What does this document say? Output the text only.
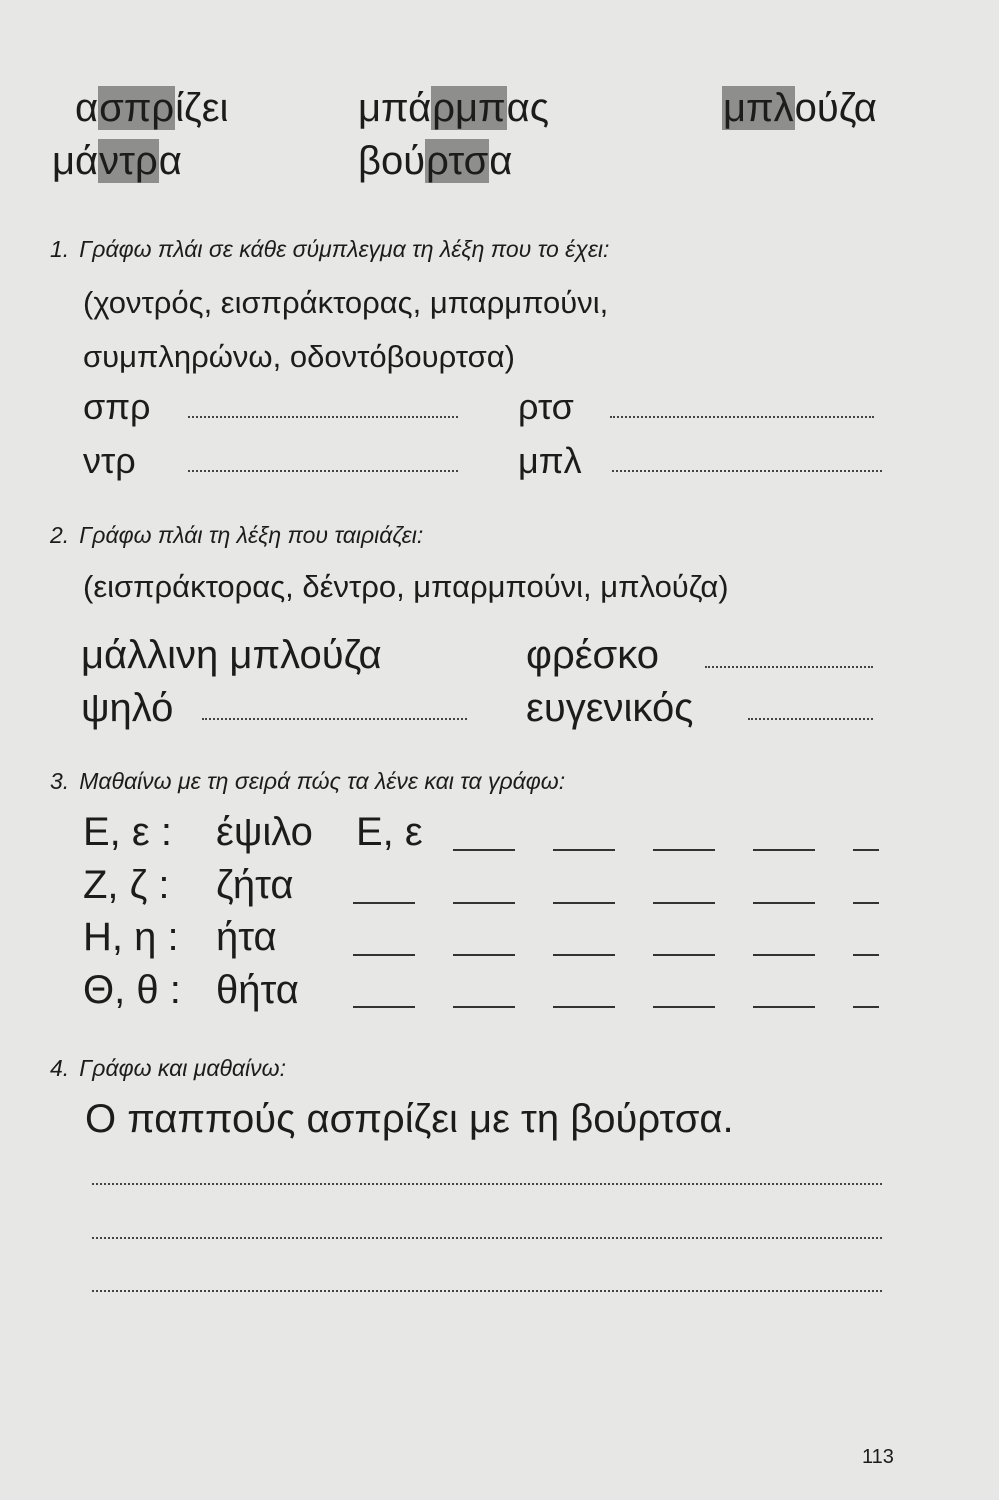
ασπρίζει	μπάρμπας	μπλούζα
μάντρα	βούρτσα
1. Γράφω πλάι σε κάθε σύμπλεγμα τη λέξη που το έχει:
(χοντρός, εισπράκτορας, μπαρμπούνι,
συμπληρώνω, οδοντόβουρτσα)
σπρ	ρτσ
ντρ	μπλ
2. Γράφω πλάι τη λέξη που ταιριάζει:
(εισπράκτορας, δέντρο, μπαρμπούνι, μπλούζα)
μάλλινη μπλούζα	φρέσκο
ψηλό	ευγενικός
3. Μαθαίνω με τη σειρά πώς τα λένε και τα γράφω:
Ε, ε : έψιλο Ε, ε
Ζ, ζ : ζήτα
Η, η : ήτα
Θ, θ : θήτα
4. Γράφω και μαθαίνω:
Ο παππούς ασπρίζει με τη βούρτσα.
113
